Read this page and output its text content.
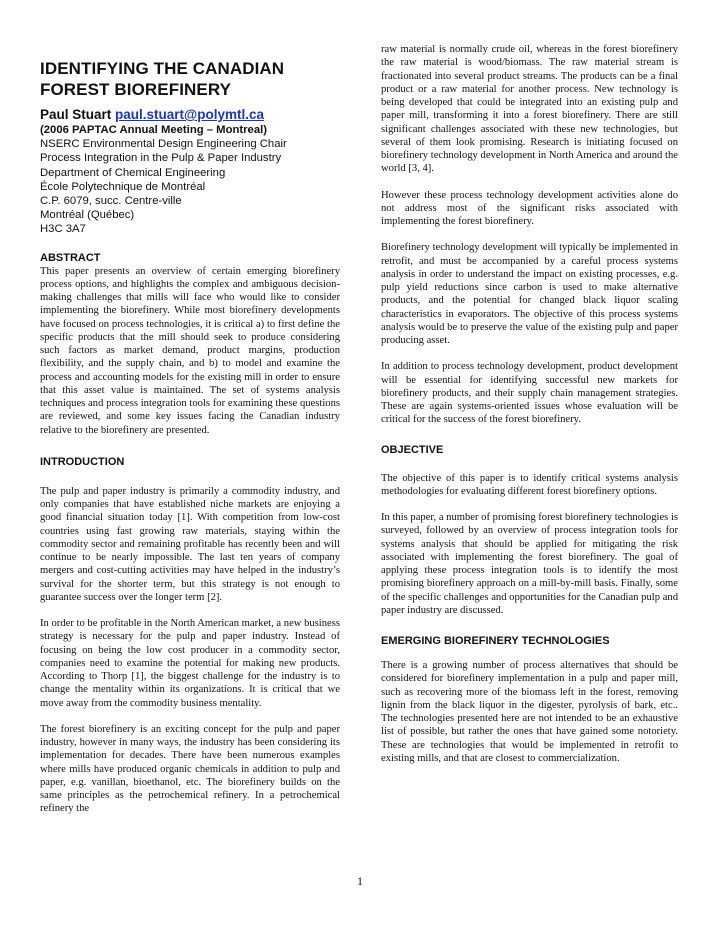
IDENTIFYING THE CANADIAN
FOREST BIOREFINERY
Paul Stuart paul.stuart@polymtl.ca
(2006 PAPTAC Annual Meeting – Montreal)
NSERC Environmental Design Engineering Chair
Process Integration in the Pulp & Paper Industry
Department of Chemical Engineering
École Polytechnique de Montréal
C.P. 6079, succ. Centre-ville
Montréal (Québec)
H3C 3A7
ABSTRACT

This paper presents an overview of certain emerging biorefinery process options, and highlights the complex and ambiguous decision-making challenges that mills will face who would like to consider implementing the biorefinery. While most biorefinery developments have focused on process technologies, it is critical a) to first define the specific products that the mill should seek to produce considering such factors as market demand, product margins, production flexibility, and the supply chain, and b) to model and examine the process and accounting models for the existing mill in order to ensure that this asset value is maintained. The set of systems analysis techniques and process integration tools for examining these questions are reviewed, and some key issues facing the Canadian industry relative to the biorefinery are presented.

INTRODUCTION

The pulp and paper industry is primarily a commodity industry, and only companies that have established niche markets are enjoying a good financial situation today [1]. With competition from low-cost countries using fast growing raw materials, staying within the commodity sector and remaining profitable has recently been and will continue to be nearly impossible. The last ten years of company mergers and cost-cutting activities may have helped in the industry’s survival for the shorter term, but this strategy is not enough to guarantee success over the longer term [2].

In order to be profitable in the North American market, a new business strategy is necessary for the pulp and paper industry. Instead of focusing on being the low cost producer in a commodity sector, companies need to examine the potential for making new products. According to Thorp [1], the biggest challenge for the industry is to change the mentality within its organizations. It is critical that we move away from the commodity business mentality.

The forest biorefinery is an exciting concept for the pulp and paper industry, however in many ways, the industry has been considering its implementation for decades. There have been numerous examples where mills have produced organic chemicals in addition to pulp and paper, e.g. vanillan, bioethanol, etc. The biorefinery builds on the same principles as the petrochemical refinery. In a petrochemical refinery the

raw material is normally crude oil, whereas in the forest biorefinery the raw material is wood/biomass. The raw material stream is fractionated into several product streams. The products can be a final product or a raw material for another process. New technology is being developed that could be integrated into an existing pulp and paper mill, transforming it into a forest biorefinery. There are still significant challenges associated with these new technologies, but several of them look promising. Research is initiating focused on biorefinery technology development in North America and around the world [3, 4].

However these process technology development activities alone do not address most of the significant risks associated with implementing the forest biorefinery.

Biorefinery technology development will typically be implemented in retrofit, and must be accompanied by a careful process systems analysis in order to understand the impact on existing processes, e.g. pulp yield reductions since carbon is used to make alternative products, and the potential for changed black liquor scaling characteristics in evaporators. The objective of this process systems analysis would be to preserve the value of the existing pulp and paper producing asset.

In addition to process technology development, product development will be essential for identifying successful new markets for biorefinery products, and their supply chain management strategies. These are again systems-oriented issues whose evaluation will be critical for the success of the forest biorefinery.

OBJECTIVE

The objective of this paper is to identify critical systems analysis methodologies for evaluating different forest biorefinery options.

In this paper, a number of promising forest biorefinery technologies is surveyed, followed by an overview of process integration tools for systems analysis that should be applied for mitigating the risk associated with implementing the forest biorefinery. The goal of applying these process integration tools is to identify the most promising biorefinery approach on a mill-by-mill basis. Finally, some of the specific challenges and opportunities for the Canadian pulp and paper industry are discussed.

EMERGING BIOREFINERY TECHNOLOGIES

There is a growing number of process alternatives that should be considered for biorefinery implementation in a pulp and paper mill, such as recovering more of the biomass left in the forest, removing lignin from the black liquor in the digester, pyrolysis of bark, etc.. The technologies presented here are not intended to be an exhaustive list of possible, but rather the ones that have gained some notoriety. These are technologies that would be implemented in retrofit to existing mills, and that are closest to commercialization.

1
